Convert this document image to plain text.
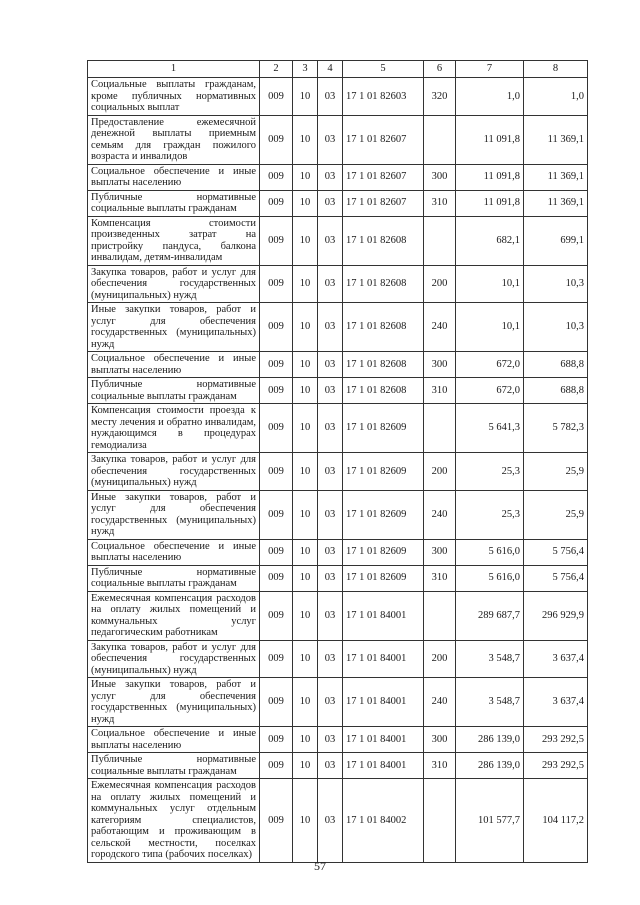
1	2	3	4	5	6	7	8
Социальные выплаты гражданам, кроме публичных нормативных социальных выплат	009	10	03	17 1 01 82603	320	1,0	1,0
Предоставление ежемесячной денежной выплаты приемным семьям для граждан пожилого возраста и инвалидов	009	10	03	17 1 01 82607		11 091,8	11 369,1
Социальное обеспечение и иные выплаты населению	009	10	03	17 1 01 82607	300	11 091,8	11 369,1
Публичные нормативные социальные выплаты гражданам	009	10	03	17 1 01 82607	310	11 091,8	11 369,1
Компенсация стоимости произведенных затрат на пристройку пандуса, балкона инвалидам, детям-инвалидам	009	10	03	17 1 01 82608		682,1	699,1
Закупка товаров, работ и услуг для обеспечения государственных (муниципальных) нужд	009	10	03	17 1 01 82608	200	10,1	10,3
Иные закупки товаров, работ и услуг для обеспечения государственных (муниципальных) нужд	009	10	03	17 1 01 82608	240	10,1	10,3
Социальное обеспечение и иные выплаты населению	009	10	03	17 1 01 82608	300	672,0	688,8
Публичные нормативные социальные выплаты гражданам	009	10	03	17 1 01 82608	310	672,0	688,8
Компенсация стоимости проезда к месту лечения и обратно инвалидам, нуждающимся в процедурах гемодиализа	009	10	03	17 1 01 82609		5 641,3	5 782,3
Закупка товаров, работ и услуг для обеспечения государственных (муниципальных) нужд	009	10	03	17 1 01 82609	200	25,3	25,9
Иные закупки товаров, работ и услуг для обеспечения государственных (муниципальных) нужд	009	10	03	17 1 01 82609	240	25,3	25,9
Социальное обеспечение и иные выплаты населению	009	10	03	17 1 01 82609	300	5 616,0	5 756,4
Публичные нормативные социальные выплаты гражданам	009	10	03	17 1 01 82609	310	5 616,0	5 756,4
Ежемесячная компенсация расходов на оплату жилых помещений и коммунальных услуг педагогическим работникам	009	10	03	17 1 01 84001		289 687,7	296 929,9
Закупка товаров, работ и услуг для обеспечения государственных (муниципальных) нужд	009	10	03	17 1 01 84001	200	3 548,7	3 637,4
Иные закупки товаров, работ и услуг для обеспечения государственных (муниципальных) нужд	009	10	03	17 1 01 84001	240	3 548,7	3 637,4
Социальное обеспечение и иные выплаты населению	009	10	03	17 1 01 84001	300	286 139,0	293 292,5
Публичные нормативные социальные выплаты гражданам	009	10	03	17 1 01 84001	310	286 139,0	293 292,5
Ежемесячная компенсация расходов на оплату жилых помещений и коммунальных услуг отдельным категориям специалистов, работающим и проживающим в сельской местности, поселках городского типа (рабочих поселках)	009	10	03	17 1 01 84002		101 577,7	104 117,2
57
